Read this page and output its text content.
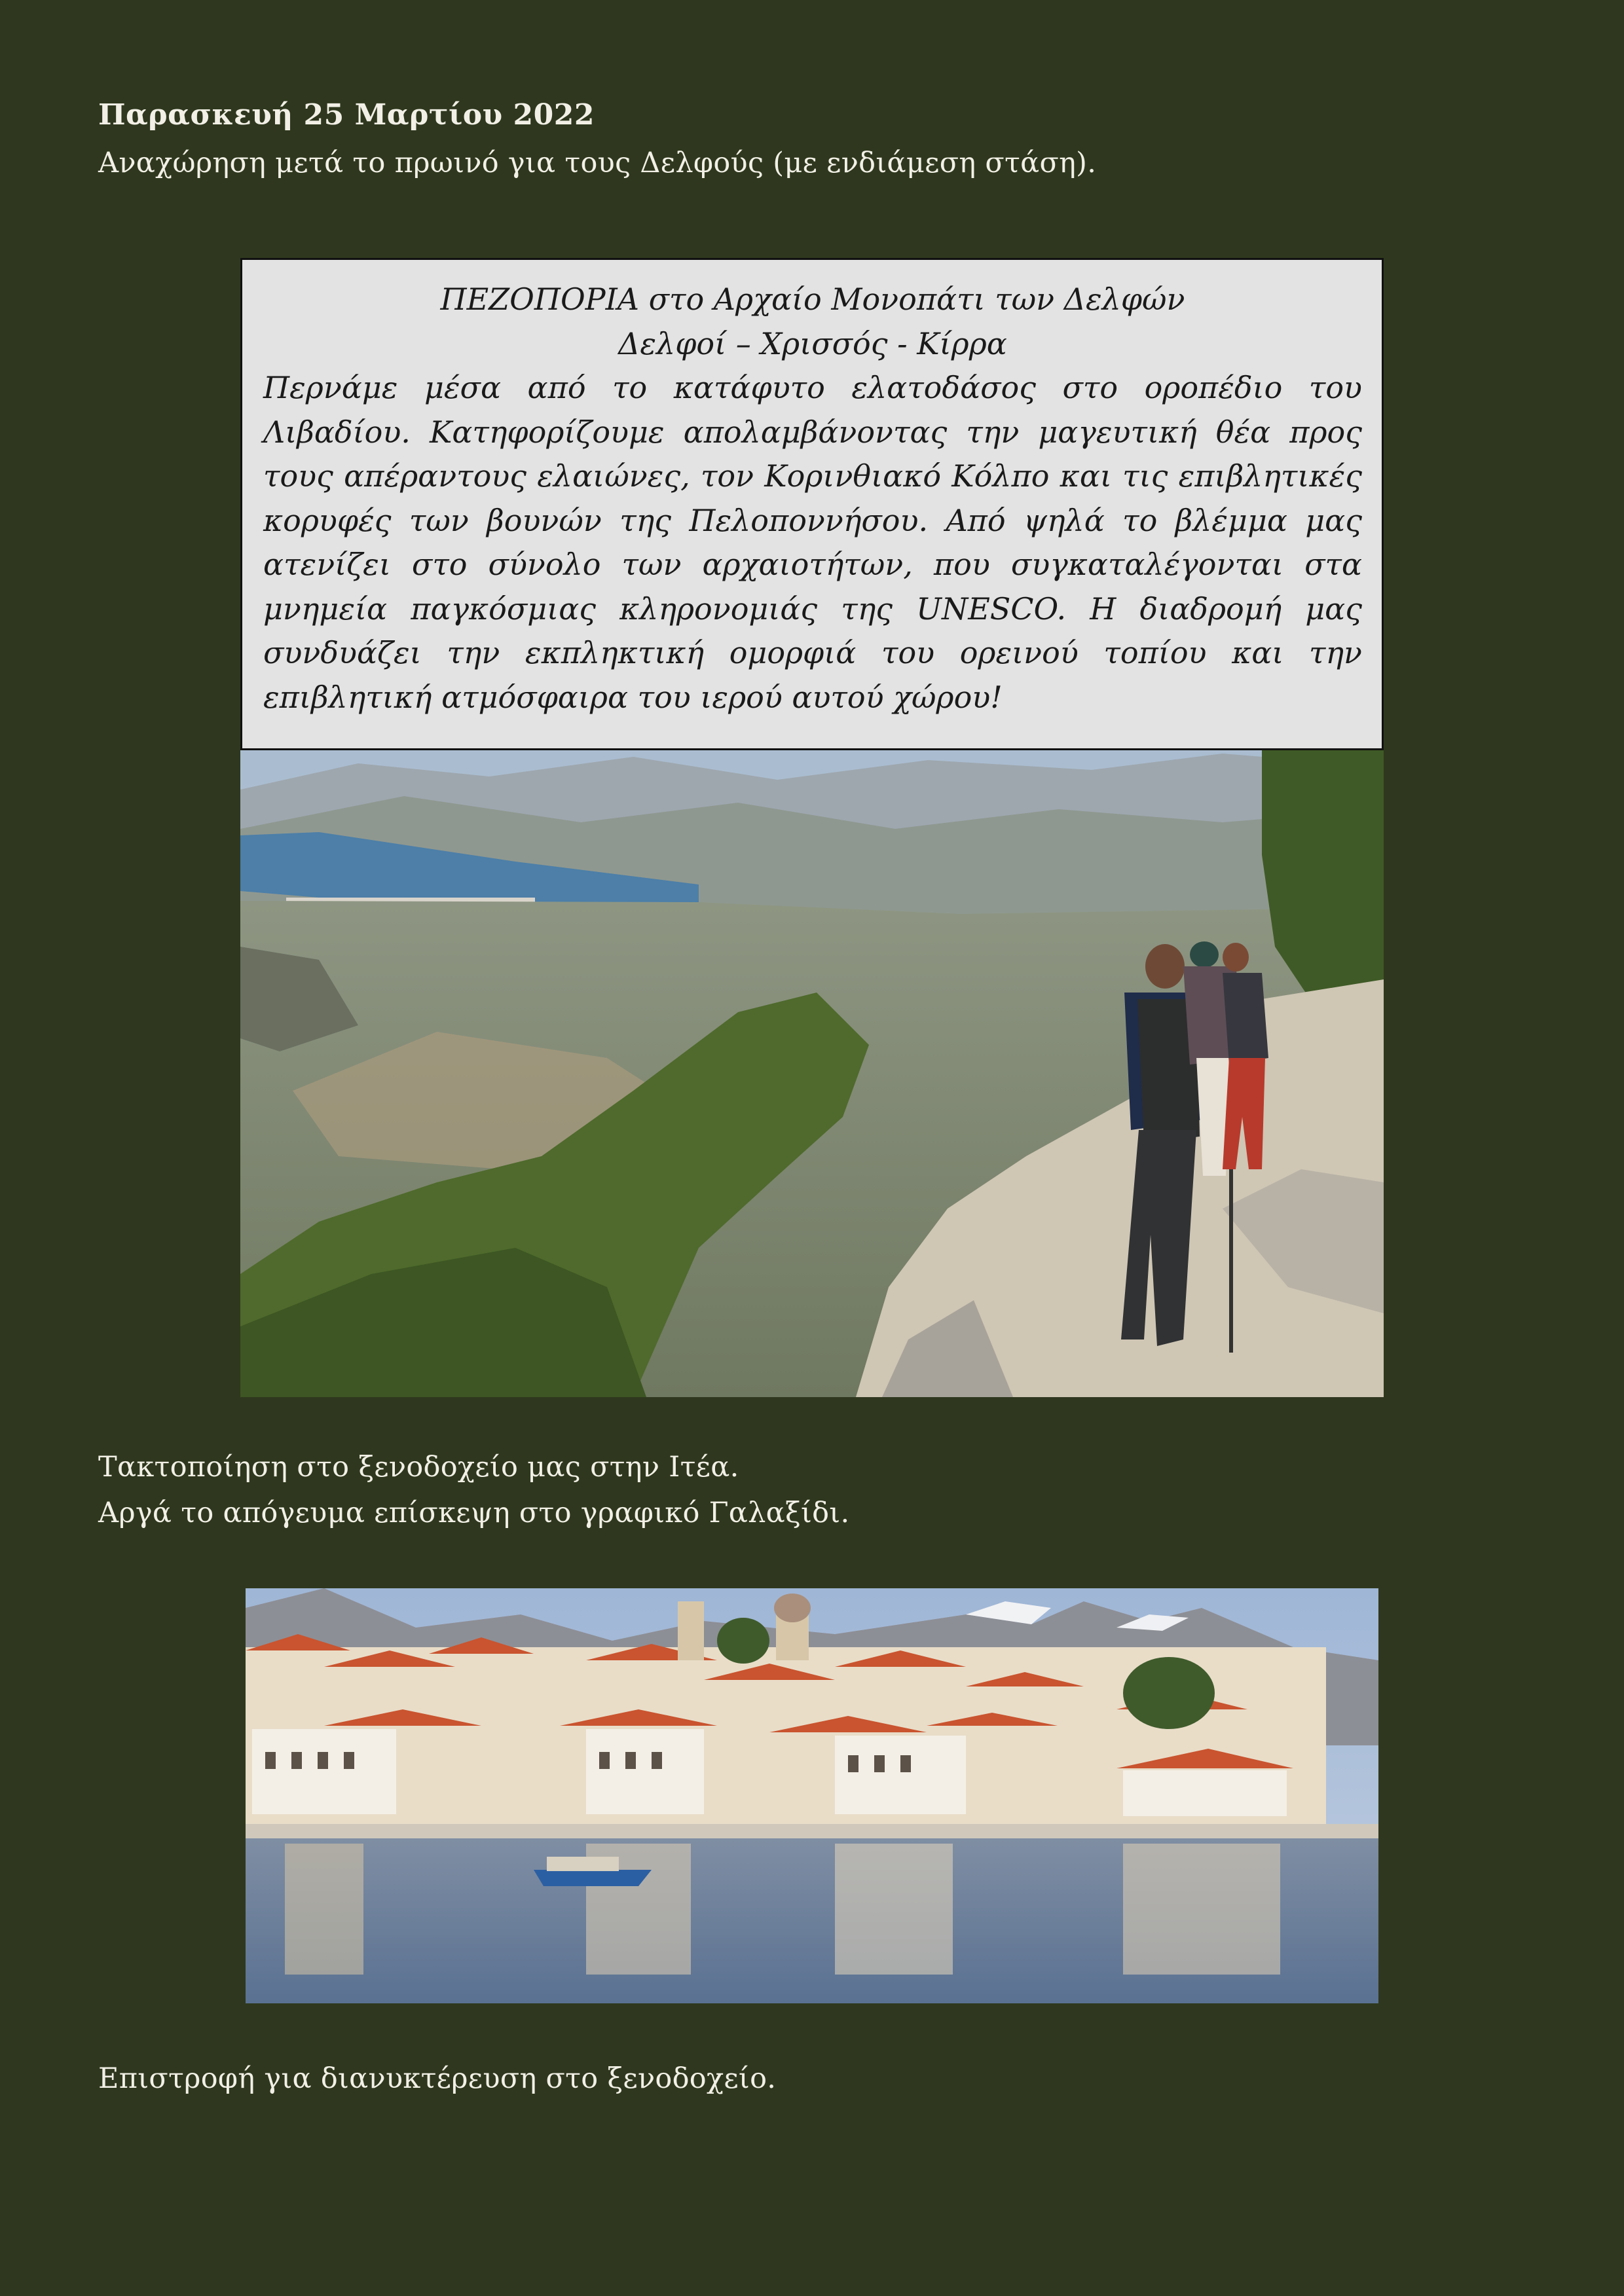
Παρασκευή 25 Μαρτίου 2022
Αναχώρηση μετά το πρωινό για τους Δελφούς (με ενδιάμεση στάση).
ΠΕΖΟΠΟΡΙΑ στο Αρχαίο Μονοπάτι των Δελφών
Δελφοί – Χρισσός - Κίρρα

Περνάμε μέσα από το κατάφυτο ελατοδάσος στο οροπέδιο του Λιβαδίου. Κατηφορίζουμε απολαμβάνοντας την μαγευτική θέα προς τους απέραντους ελαιώνες, τον Κορινθιακό Κόλπο και τις επιβλητικές κορυφές των βουνών της Πελοποννήσου. Από ψηλά το βλέμμα μας ατενίζει στο σύνολο των αρχαιοτήτων, που συγκαταλέγονται στα μνημεία παγκόσμιας κληρονομιάς της UNESCO. Η διαδρομή μας συνδυάζει την εκπληκτική ομορφιά του ορεινού τοπίου και την επιβλητική ατμόσφαιρα του ιερού αυτού χώρου!

Τακτοποίηση στο ξενοδοχείο μας στην Ιτέα.
Αργά το απόγευμα επίσκεψη στο γραφικό Γαλαξίδι.
Επιστροφή για διανυκτέρευση στο ξενοδοχείο.
